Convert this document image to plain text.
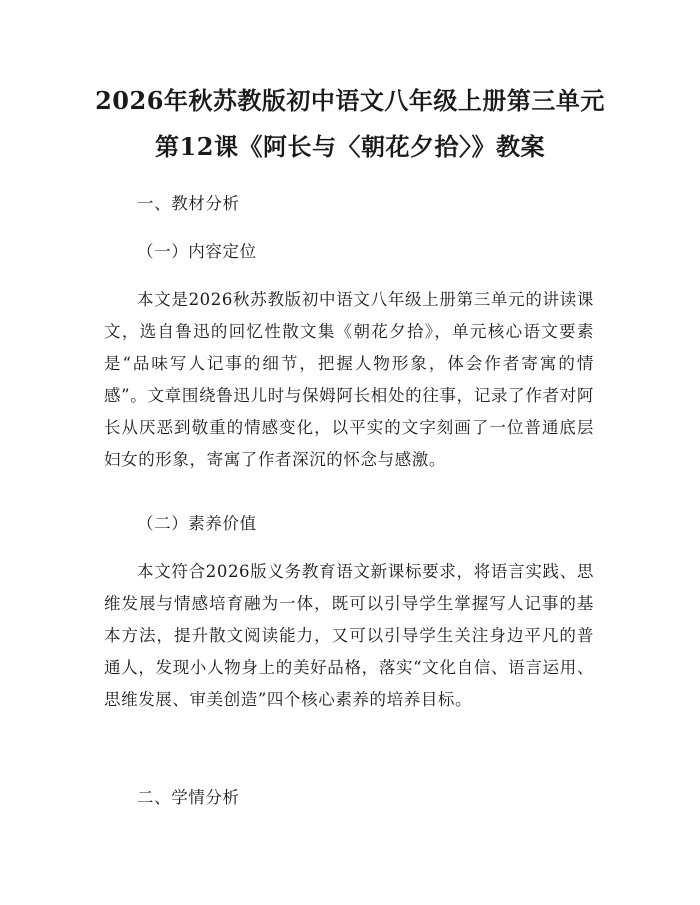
2026年秋苏教版初中语文八年级上册第三单元第12课《阿长与〈朝花夕拾〉》教案

一、教材分析

（一）内容定位

本文是2026秋苏教版初中语文八年级上册第三单元的讲读课文，选自鲁迅的回忆性散文集《朝花夕拾》，单元核心语文要素是“品味写人记事的细节，把握人物形象，体会作者寄寓的情感”。文章围绕鲁迅儿时与保姆阿长相处的往事，记录了作者对阿长从厌恶到敬重的情感变化，以平实的文字刻画了一位普通底层妇女的形象，寄寓了作者深沉的怀念与感激。

（二）素养价值

本文符合2026版义务教育语文新课标要求，将语言实践、思维发展与情感培育融为一体，既可以引导学生掌握写人记事的基本方法，提升散文阅读能力，又可以引导学生关注身边平凡的普通人，发现小人物身上的美好品格，落实“文化自信、语言运用、思维发展、审美创造”四个核心素养的培养目标。

二、学情分析
